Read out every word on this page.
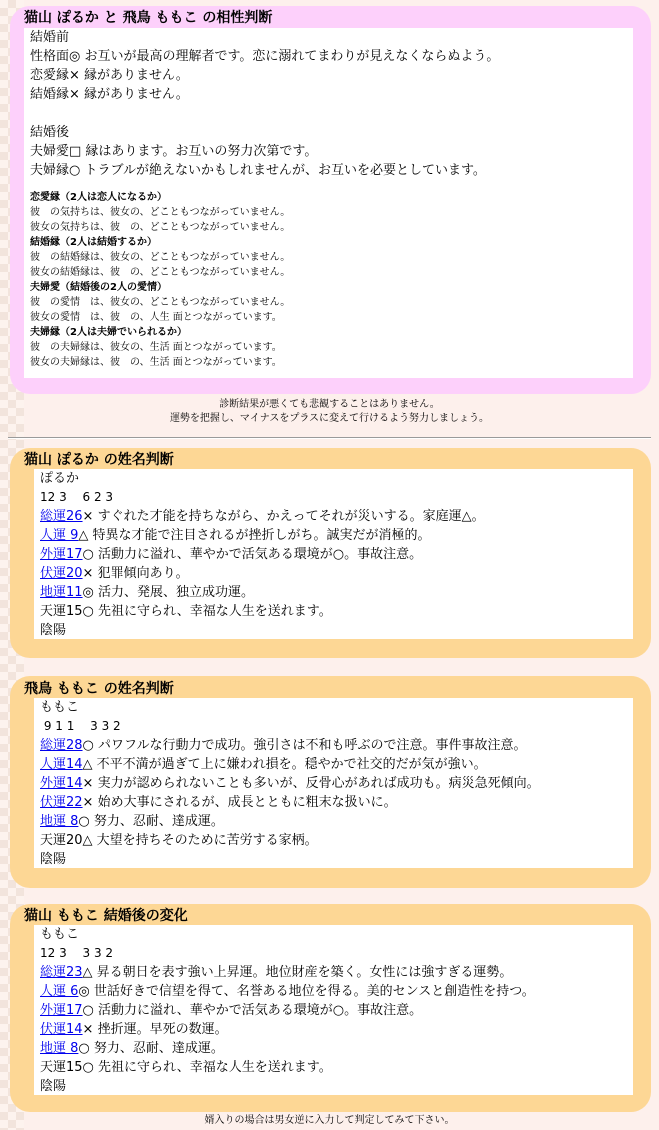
猫山 ぽるか と 飛鳥 ももこ の相性判断
結婚前
性格面◎ お互いが最高の理解者です。恋に溺れてまわりが見えなくならぬよう。
恋愛縁× 縁がありません。
結婚縁× 縁がありません。
結婚後
夫婦愛□ 縁はあります。お互いの努力次第です。
夫婦縁○ トラブルが絶えないかもしれませんが、お互いを必要としています。
恋愛縁（2人は恋人になるか）
彼　の気持ちは、彼女の、どこともつながっていません。
彼女の気持ちは、彼　の、どこともつながっていません。
結婚縁（2人は結婚するか）
彼　の結婚縁は、彼女の、どこともつながっていません。
彼女の結婚縁は、彼　の、どこともつながっていません。
夫婦愛（結婚後の2人の愛情）
彼　の愛情　は、彼女の、どこともつながっていません。
彼女の愛情　は、彼　の、人生 面とつながっています。
夫婦縁（2人は夫婦でいられるか）
彼　の夫婦縁は、彼女の、生活 面とつながっています。
彼女の夫婦縁は、彼　の、生活 面とつながっています。
診断結果が悪くても悲観することはありません。
運勢を把握し、マイナスをプラスに変えて行けるよう努力しましょう。
猫山 ぽるか の姓名判断
ぽるか
12 3　 6 2 3
総運26× すぐれた才能を持ちながら、かえってそれが災いする。家庭運△。
人運 9△ 特異な才能で注目されるが挫折しがち。誠実だが消極的。
外運17○ 活動力に溢れ、華やかで活気ある環境が○。事故注意。
伏運20× 犯罪傾向あり。
地運11◎ 活力、発展、独立成功運。
天運15○ 先祖に守られ、幸福な人生を送れます。
陰陽
飛鳥 ももこ の姓名判断
ももこ
9 1 1　 3 3 2
総運28○ パワフルな行動力で成功。強引さは不和も呼ぶので注意。事件事故注意。
人運14△ 不平不満が過ぎて上に嫌われ損を。穏やかで社交的だが気が強い。
外運14× 実力が認められないことも多いが、反骨心があれば成功も。病災急死傾向。
伏運22× 始め大事にされるが、成長とともに粗末な扱いに。
地運 8○ 努力、忍耐、達成運。
天運20△ 大望を持ちそのために苦労する家柄。
陰陽
猫山 ももこ 結婚後の変化
ももこ
12 3　 3 3 2
総運23△ 昇る朝日を表す強い上昇運。地位財産を築く。女性には強すぎる運勢。
人運 6◎ 世話好きで信望を得て、名誉ある地位を得る。美的センスと創造性を持つ。
外運17○ 活動力に溢れ、華やかで活気ある環境が○。事故注意。
伏運14× 挫折運。早死の数運。
地運 8○ 努力、忍耐、達成運。
天運15○ 先祖に守られ、幸福な人生を送れます。
陰陽
婿入りの場合は男女逆に入力して判定してみて下さい。
